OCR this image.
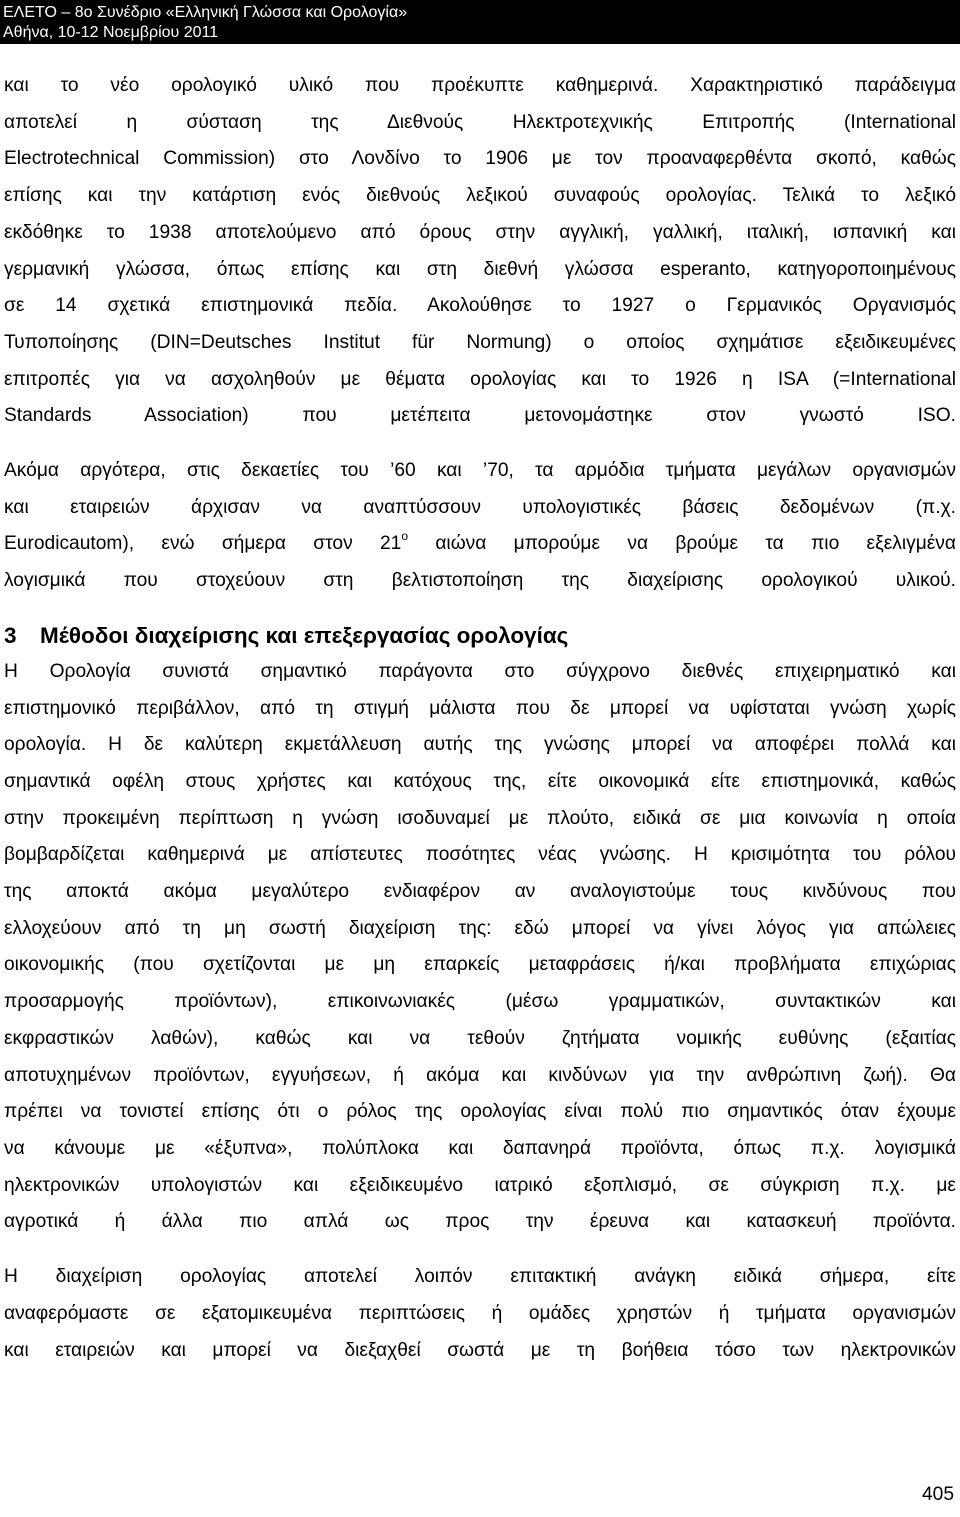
ΕΛΕΤΟ – 8ο Συνέδριο «Ελληνική Γλώσσα και Ορολογία»
Αθήνα, 10-12 Νοεμβρίου 2011

και το νέο ορολογικό υλικό που προέκυπτε καθημερινά. Χαρακτηριστικό παράδειγμα
αποτελεί η σύσταση της Διεθνούς Ηλεκτροτεχνικής Επιτροπής (International
Electrotechnical Commission) στο Λονδίνο το 1906 με τον προαναφερθέντα σκοπό, καθώς
επίσης και την κατάρτιση ενός διεθνούς λεξικού συναφούς ορολογίας. Τελικά το λεξικό
εκδόθηκε το 1938 αποτελούμενο από όρους στην αγγλική, γαλλική, ιταλική, ισπανική και
γερμανική γλώσσα, όπως επίσης και στη διεθνή γλώσσα esperanto, κατηγοροποιημένους
σε 14 σχετικά επιστημονικά πεδία. Ακολούθησε το 1927 ο Γερμανικός Οργανισμός
Τυποποίησης (DIN=Deutsches Institut für Normung) ο οποίος σχημάτισε εξειδικευμένες
επιτροπές για να ασχοληθούν με θέματα ορολογίας και το 1926 η ISA (=International
Standards Association) που μετέπειτα μετονομάστηκε στον γνωστό ISO.

Ακόμα αργότερα, στις δεκαετίες του ’60 και ’70, τα αρμόδια τμήματα μεγάλων οργανισμών
και εταιρειών άρχισαν να αναπτύσσουν υπολογιστικές βάσεις δεδομένων (π.χ.
Eurodicautom), ενώ σήμερα στον $21^o$ αιώνα μπορούμε να βρούμε τα πιο εξελιγμένα
λογισμικά που στοχεύουν στη βελτιστοποίηση της διαχείρισης ορολογικού υλικού.

3 Μέθοδοι διαχείρισης και επεξεργασίας ορολογίας

Η Ορολογία συνιστά σημαντικό παράγοντα στο σύγχρονο διεθνές επιχειρηματικό και
επιστημονικό περιβάλλον, από τη στιγμή μάλιστα που δε μπορεί να υφίσταται γνώση χωρίς
ορολογία. Η δε καλύτερη εκμετάλλευση αυτής της γνώσης μπορεί να αποφέρει πολλά και
σημαντικά οφέλη στους χρήστες και κατόχους της, είτε οικονομικά είτε επιστημονικά, καθώς
στην προκειμένη περίπτωση η γνώση ισοδυναμεί με πλούτο, ειδικά σε μια κοινωνία η οποία
βομβαρδίζεται καθημερινά με απίστευτες ποσότητες νέας γνώσης. Η κρισιμότητα του ρόλου
της αποκτά ακόμα μεγαλύτερο ενδιαφέρον αν αναλογιστούμε τους κινδύνους που
ελλοχεύουν από τη μη σωστή διαχείριση της: εδώ μπορεί να γίνει λόγος για απώλειες
οικονομικής (που σχετίζονται με μη επαρκείς μεταφράσεις ή/και προβλήματα επιχώριας
προσαρμογής προϊόντων), επικοινωνιακές (μέσω γραμματικών, συντακτικών και
εκφραστικών λαθών), καθώς και να τεθούν ζητήματα νομικής ευθύνης (εξαιτίας
αποτυχημένων προϊόντων, εγγυήσεων, ή ακόμα και κινδύνων για την ανθρώπινη ζωή). Θα
πρέπει να τονιστεί επίσης ότι ο ρόλος της ορολογίας είναι πολύ πιο σημαντικός όταν έχουμε
να κάνουμε με «έξυπνα», πολύπλοκα και δαπανηρά προϊόντα, όπως π.χ. λογισμικά
ηλεκτρονικών υπολογιστών και εξειδικευμένο ιατρικό εξοπλισμό, σε σύγκριση π.χ. με
αγροτικά ή άλλα πιο απλά ως προς την έρευνα και κατασκευή προϊόντα.

Η διαχείριση ορολογίας αποτελεί λοιπόν επιτακτική ανάγκη ειδικά σήμερα, είτε
αναφερόμαστε σε εξατομικευμένα περιπτώσεις ή ομάδες χρηστών ή τμήματα οργανισμών
και εταιρειών και μπορεί να διεξαχθεί σωστά με τη βοήθεια τόσο των ηλεκτρονικών

405
